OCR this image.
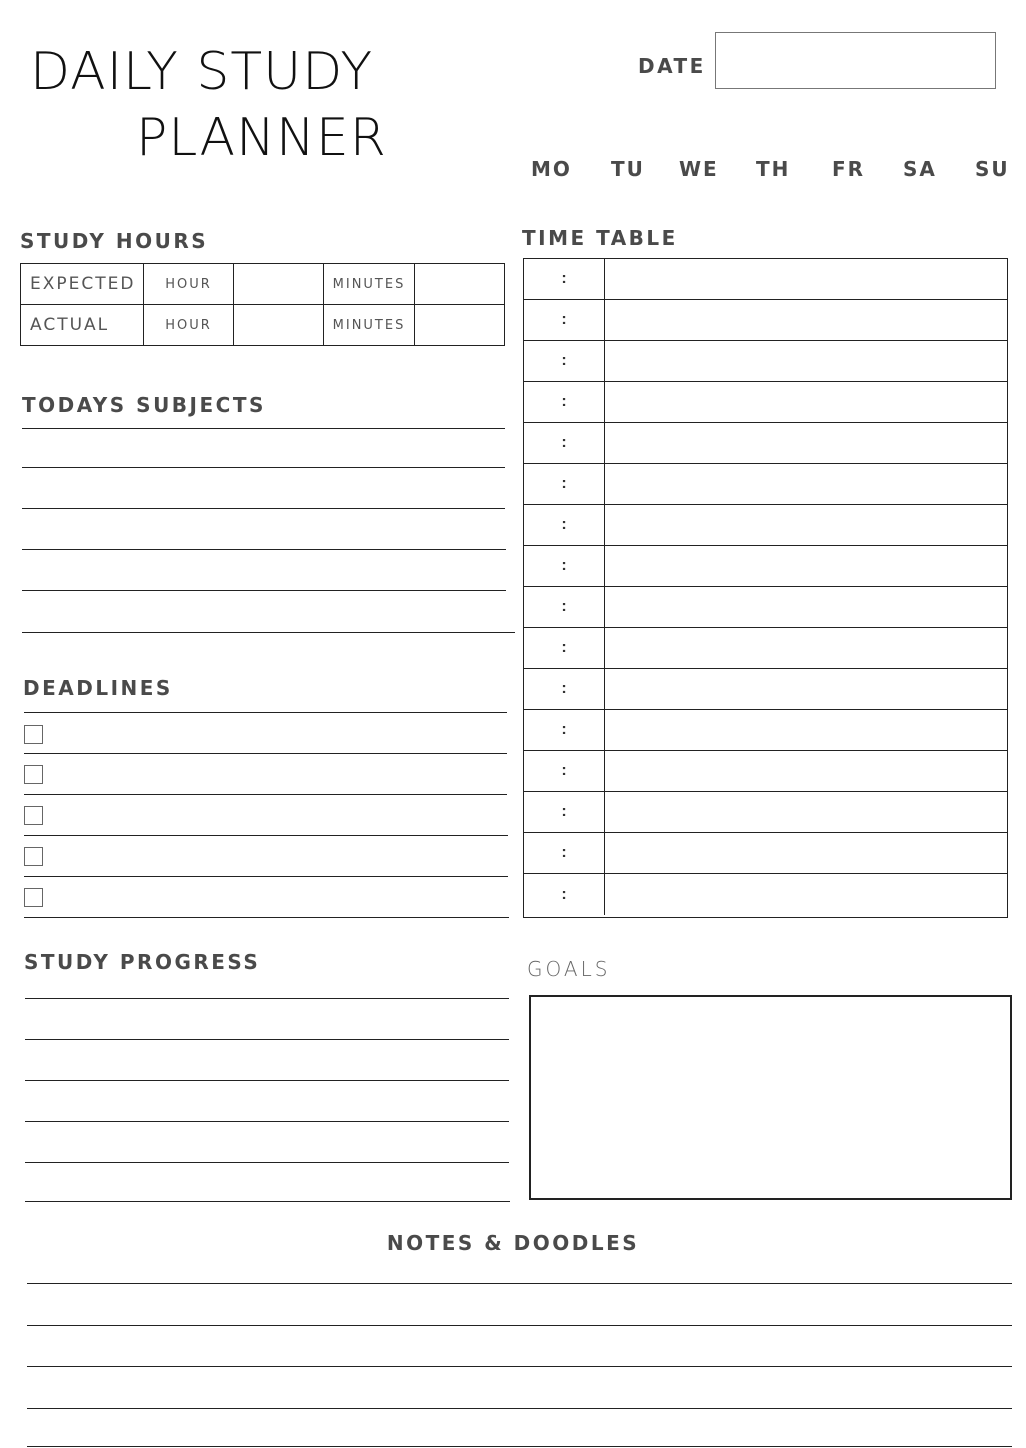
DAILY STUDY
PLANNER
DATE
MO TU WE TH FR SA SU
STUDY HOURS
EXPECTED	HOUR		MINUTES	
ACTUAL	HOUR		MINUTES	
TODAYS SUBJECTS
DEADLINES
STUDY PROGRESS
TIME TABLE
:
:
:
:
:
:
:
:
:
:
:
:
:
:
:
:
GOALS
NOTES & DOODLES
